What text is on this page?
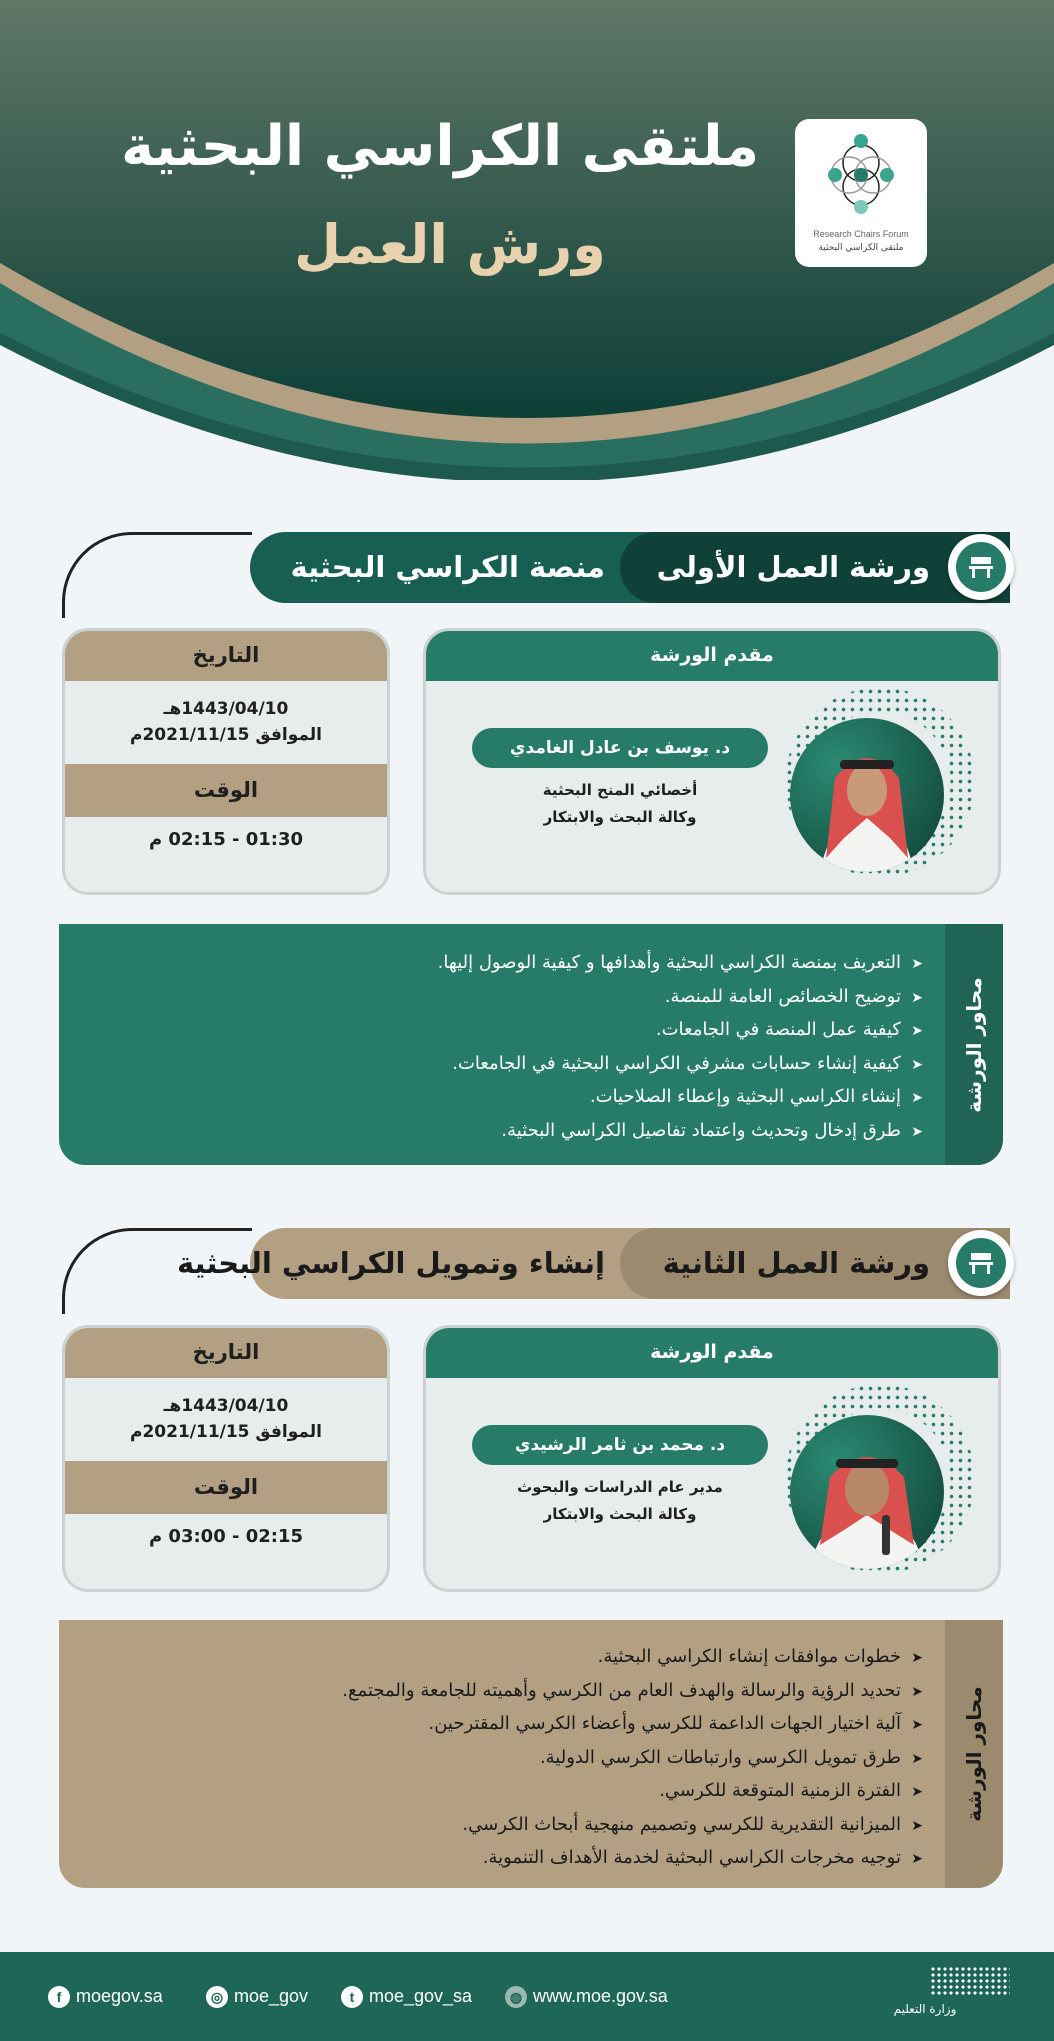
ملتقى الكراسي البحثية
ورش العمل	Research Chairs Forum
ملتقى الكراسي البحثية
ورشة العمل الأولى
منصة الكراسي البحثية
التاريخ
1443/04/10هـ
الموافق 2021/11/15م
الوقت
01:30 - 02:15 م
مقدم الورشة
د. يوسف بن عادل الغامدي
أخصائي المنح البحثية
وكالة البحث والابتكار
محاور الورشة
➤التعريف بمنصة الكراسي البحثية وأهدافها و كيفية الوصول إليها.
➤توضيح الخصائص العامة للمنصة.
➤كيفية عمل المنصة في الجامعات.
➤كيفية إنشاء حسابات مشرفي الكراسي البحثية في الجامعات.
➤إنشاء الكراسي البحثية وإعطاء الصلاحيات.
➤طرق إدخال وتحديث واعتماد تفاصيل الكراسي البحثية.
ورشة العمل الثانية
إنشاء وتمويل الكراسي البحثية
التاريخ
1443/04/10هـ
الموافق 2021/11/15م
الوقت
02:15 - 03:00 م
مقدم الورشة
د. محمد بن ثامر الرشيدي
مدير عام الدراسات والبحوث
وكالة البحث والابتكار
محاور الورشة
➤خطوات موافقات إنشاء الكراسي البحثية.
➤تحديد الرؤية والرسالة والهدف العام من الكرسي وأهميته للجامعة والمجتمع.
➤آلية اختيار الجهات الداعمة للكرسي وأعضاء الكرسي المقترحين.
➤طرق تمويل الكرسي وارتباطات الكرسي الدولية.
➤الفترة الزمنية المتوقعة للكرسي.
➤الميزانية التقديرية للكرسي وتصميم منهجية أبحاث الكرسي.
➤توجيه مخرجات الكراسي البحثية لخدمة الأهداف التنموية.
f moegov.sa	◎ moe_gov	t moe_gov_sa	◍ www.moe.gov.sa
وزارة التعليم
